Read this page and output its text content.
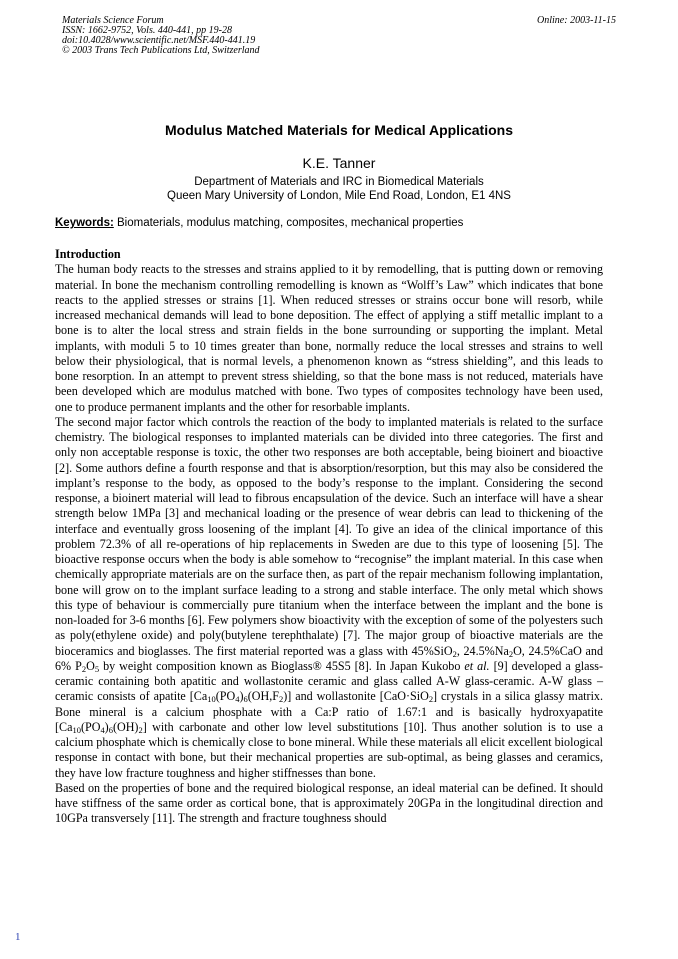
Materials Science Forum
ISSN: 1662-9752, Vols. 440-441, pp 19-28
doi:10.4028/www.scientific.net/MSF.440-441.19
© 2003 Trans Tech Publications Ltd, Switzerland
Online: 2003-11-15
Modulus Matched Materials for Medical Applications
K.E. Tanner
Department of Materials and IRC in Biomedical Materials
Queen Mary University of London, Mile End Road, London, E1 4NS
Keywords: Biomaterials, modulus matching, composites, mechanical properties
Introduction

The human body reacts to the stresses and strains applied to it by remodelling, that is putting down or removing material. In bone the mechanism controlling remodelling is known as “Wolff’s Law” which indicates that bone reacts to the applied stresses or strains [1]. When reduced stresses or strains occur bone will resorb, while increased mechanical demands will lead to bone deposition. The effect of applying a stiff metallic implant to a bone is to alter the local stress and strain fields in the bone surrounding or supporting the implant. Metal implants, with moduli 5 to 10 times greater than bone, normally reduce the local stresses and strains to well below their physiological, that is normal levels, a phenomenon known as “stress shielding”, and this leads to bone resorption. In an attempt to prevent stress shielding, so that the bone mass is not reduced, materials have been developed which are modulus matched with bone. Two types of composites technology have been used, one to produce permanent implants and the other for resorbable implants.

The second major factor which controls the reaction of the body to implanted materials is related to the surface chemistry. The biological responses to implanted materials can be divided into three categories. The first and only non acceptable response is toxic, the other two responses are both acceptable, being bioinert and bioactive [2]. Some authors define a fourth response and that is absorption/resorption, but this may also be considered the implant’s response to the body, as opposed to the body’s response to the implant. Considering the second response, a bioinert material will lead to fibrous encapsulation of the device. Such an interface will have a shear strength below 1MPa [3] and mechanical loading or the presence of wear debris can lead to thickening of the interface and eventually gross loosening of the implant [4]. To give an idea of the clinical importance of this problem 72.3% of all re-operations of hip replacements in Sweden are due to this type of loosening [5]. The bioactive response occurs when the body is able somehow to “recognise” the implant material. In this case when chemically appropriate materials are on the surface then, as part of the repair mechanism following implantation, bone will grow on to the implant surface leading to a strong and stable interface. The only metal which shows this type of behaviour is commercially pure titanium when the interface between the implant and the bone is non-loaded for 3-6 months [6]. Few polymers show bioactivity with the exception of some of the polyesters such as poly(ethylene oxide) and poly(butylene terephthalate) [7]. The major group of bioactive materials are the bioceramics and bioglasses. The first material reported was a glass with 45%SiO$_2$, $24.5\%Na_2O$, 24.5%CaO and 6% $P_2O_5$ by weight composition known as Bioglass® 45S5 [8]. In Japan Kukobo et al. [9] developed a glass-ceramic containing both apatitic and wollastonite ceramic and glass called A-W glass-ceramic. A-W glass –ceramic consists of apatite $[Ca_{10}(PO_4)_6(OH,F_2)]$ and wollastonite [CaO·SiO$_2$] crystals in a silica glassy matrix. Bone mineral is a calcium phosphate with a Ca:P ratio of 1.67:1 and is basically hydroxyapatite $[Ca_{10}(PO_4)_6(OH)_2]$ with carbonate and other low level substitutions [10]. Thus another solution is to use a calcium phosphate which is chemically close to bone mineral. While these materials all elicit excellent biological response in contact with bone, but their mechanical properties are sub-optimal, as being glasses and ceramics, they have low fracture toughness and higher stiffnesses than bone.

Based on the properties of bone and the required biological response, an ideal material can be defined. It should have stiffness of the same order as cortical bone, that is approximately 20GPa in the longitudinal direction and 10GPa transversely [11]. The strength and fracture toughness should

1
